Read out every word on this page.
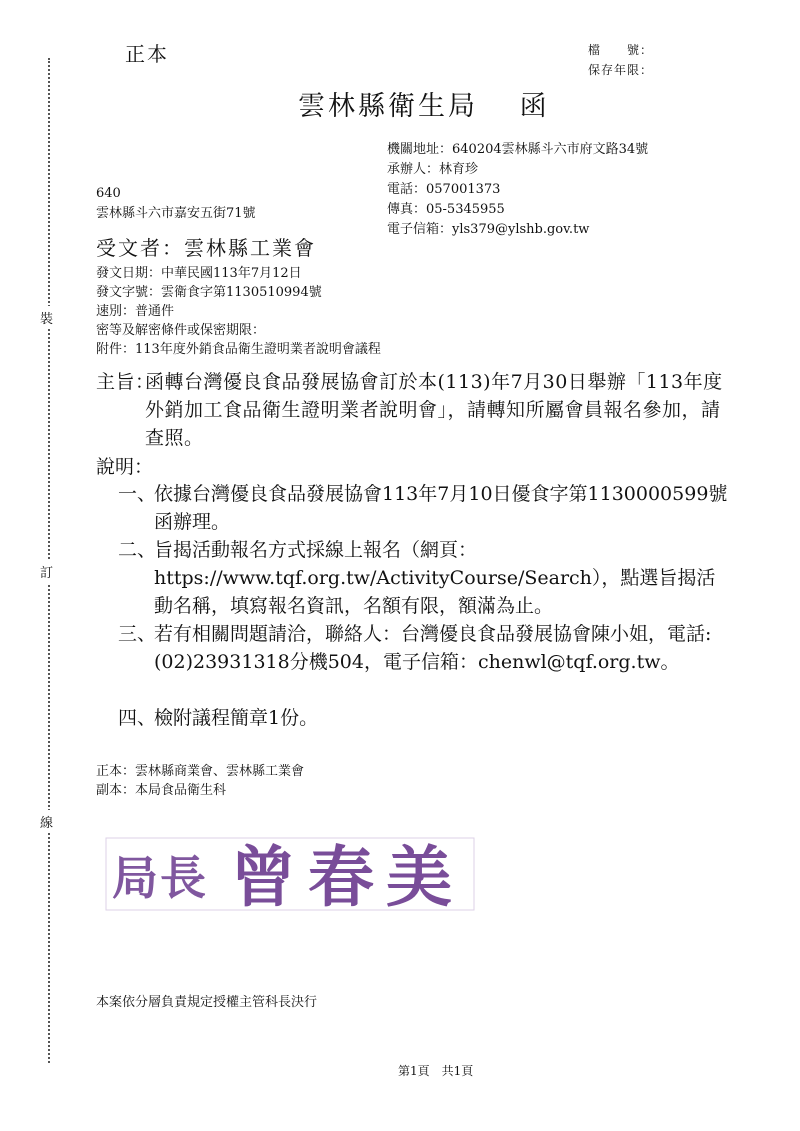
裝
訂
線
正本	檔　　號：
保存年限：
雲林縣衛生局　 函
機關地址：640204雲林縣斗六市府文路34號
承辦人：林育珍
電話：057001373
傳真：05-5345955
電子信箱：yls379@ylshb.gov.tw
640
雲林縣斗六市嘉安五街71號
受文者：雲林縣工業會
發文日期：中華民國113年7月12日
發文字號：雲衛食字第1130510994號
速別：普通件
密等及解密條件或保密期限：
附件：113年度外銷食品衛生證明業者說明會議程
主旨：
函轉台灣優良食品發展協會訂於本(113)年7月30日舉辦「113年度外銷加工食品衛生證明業者說明會」，請轉知所屬會員報名參加，請查照。
說明：
一、
依據台灣優良食品發展協會113年7月10日優食字第1130000599號函辦理。
二、
旨揭活動報名方式採線上報名（網頁：https://www.tqf.org.tw/ActivityCourse/Search），點選旨揭活動名稱，填寫報名資訊，名額有限，額滿為止。
三、
若有相關問題請洽，聯絡人：台灣優良食品發展協會陳小姐，電話:(02)23931318分機504，電子信箱：chenwl@tqf.org.tw。
四、
檢附議程簡章1份。
正本：雲林縣商業會、雲林縣工業會
副本：本局食品衛生科
局長 曾春美
本案依分層負責規定授權主管科長決行
第1頁　共1頁
